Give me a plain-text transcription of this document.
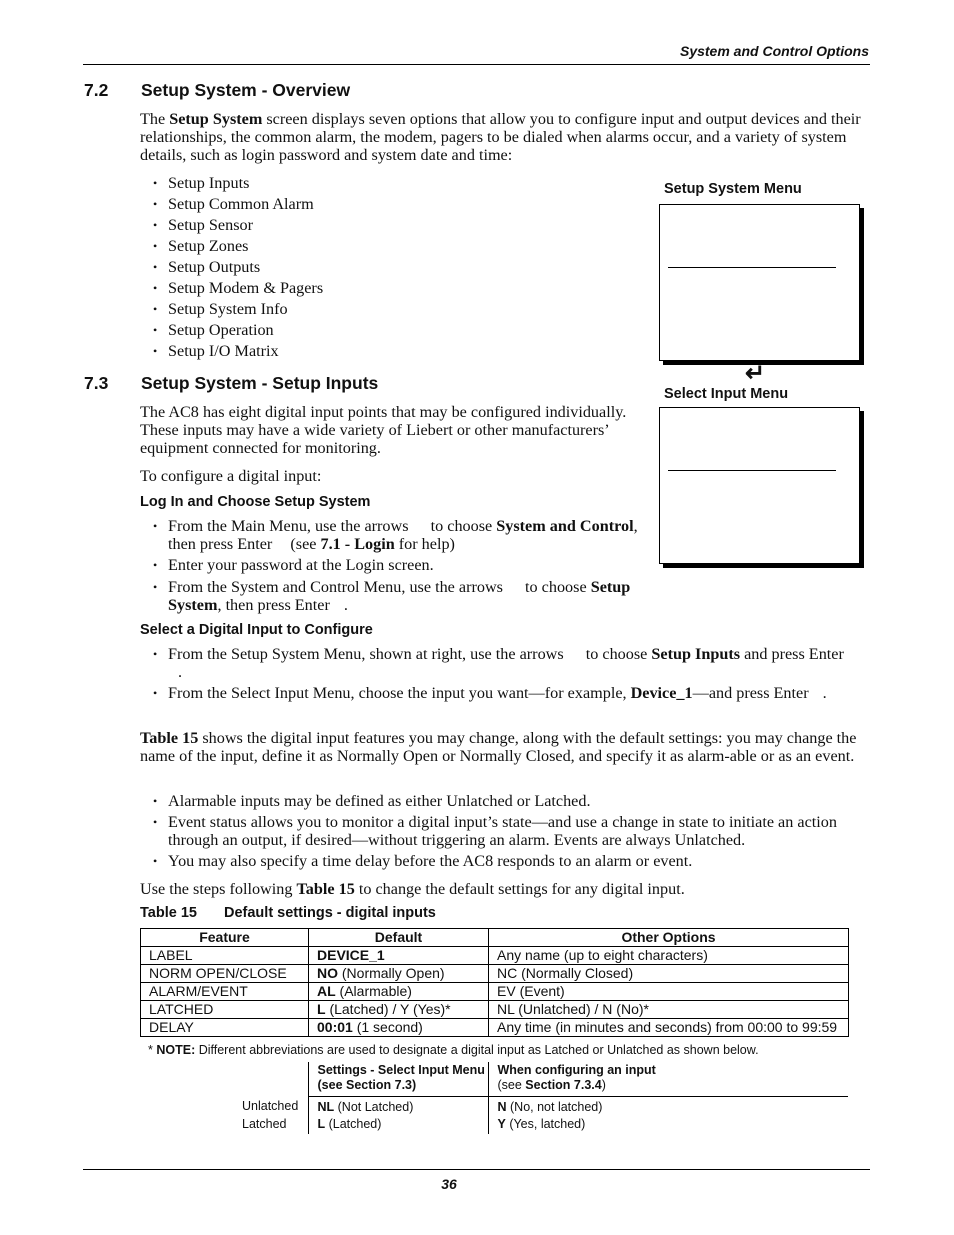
System and Control Options
7.2 Setup System - Overview

The Setup System screen displays seven options that allow you to configure input and output devices and their relationships, the common alarm, the modem, pagers to be dialed when alarms occur, and a variety of system details, such as login password and system date and time:

• Setup Inputs
• Setup Common Alarm
• Setup Sensor
• Setup Zones
• Setup Outputs
• Setup Modem & Pagers
• Setup System Info
• Setup Operation
• Setup I/O Matrix
Setup System Menu
↵
Select Input Menu
7.3 Setup System - Setup Inputs

The AC8 has eight digital input points that may be configured individually. These inputs may have a wide variety of Liebert or other manufacturers’ equipment connected for monitoring.

To configure a digital input:

Log In and Choose Setup System
• From the Main Menu, use the arrows  to choose System and Control, then press Enter  (see 7.1 - Login for help)
• Enter your password at the Login screen.
• From the System and Control Menu, use the arrows  to choose Setup System, then press Enter .
Select a Digital Input to Configure
• From the Setup System Menu, shown at right, use the arrows  to choose Setup Inputs and press Enter .
• From the Select Input Menu, choose the input you want—for example, Device_1—and press Enter .

Table 15 shows the digital input features you may change, along with the default settings: you may change the name of the input, define it as Normally Open or Normally Closed, and specify it as alarm-able or as an event.

• Alarmable inputs may be defined as either Unlatched or Latched.
• Event status allows you to monitor a digital input’s state—and use a change in state to initiate an action through an output, if desired—without triggering an alarm. Events are always Unlatched.
• You may also specify a time delay before the AC8 responds to an alarm or event.

Use the steps following Table 15 to change the default settings for any digital input.

Table 15 Default settings - digital inputs
Feature	Default	Other Options
LABEL	DEVICE_1	Any name (up to eight characters)
NORM OPEN/CLOSE	NO (Normally Open)	NC (Normally Closed)
ALARM/EVENT	AL (Alarmable)	EV (Event)
LATCHED	L (Latched) / Y (Yes)*	NL (Unlatched) / N (No)*
DELAY	00:01 (1 second)	Any time (in minutes and seconds) from 00:00 to 99:59
* NOTE: Different abbreviations are used to designate a digital input as Latched or Unlatched as shown below.
	Settings - Select Input Menu (see Section 7.3)	When configuring an input
(see Section 7.3.4)
Unlatched	NL (Not Latched)	N (No, not latched)
Latched	L (Latched)	Y (Yes, latched)
36
